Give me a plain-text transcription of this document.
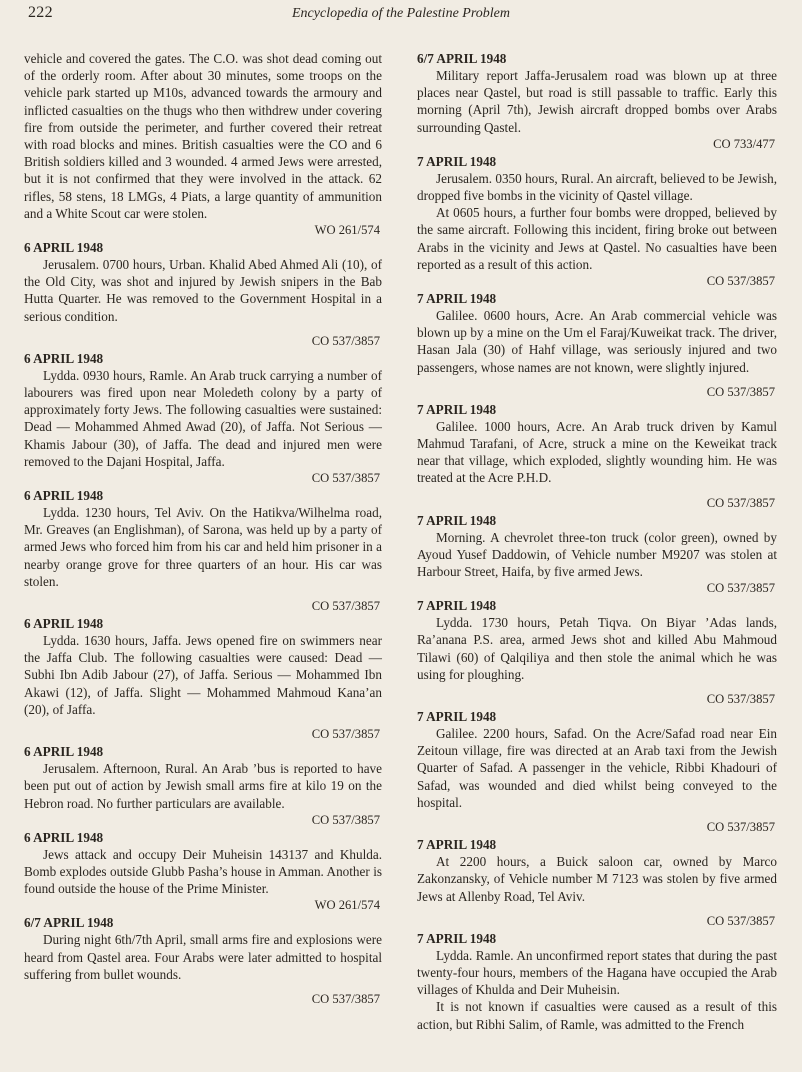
222	Encyclopedia of the Palestine Problem

vehicle and covered the gates. The C.O. was shot dead coming out of the orderly room. After about 30 minutes, some troops on the vehicle park started up M10s, advanced towards the armoury and inflicted casualties on the thugs who then withdrew under covering fire from outside the perimeter, and further covered their retreat with road blocks and mines. British casualties were the CO and 6 British soldiers killed and 3 wounded. 4 armed Jews were arrested, but it is not confirmed that they were involved in the attack. 62 rifles, 58 stens, 18 LMGs, 4 Piats, a large quantity of ammunition and a White Scout car were stolen.

WO 261/574

6 APRIL 1948

Jerusalem. 0700 hours, Urban. Khalid Abed Ahmed Ali (10), of the Old City, was shot and injured by Jewish snipers in the Bab Hutta Quarter. He was removed to the Government Hospital in a serious condition.

CO 537/3857

6 APRIL 1948

Lydda. 0930 hours, Ramle. An Arab truck carrying a number of labourers was fired upon near Moledeth colony by a party of approximately forty Jews. The following casualties were sustained: Dead — Mohammed Ahmed Awad (20), of Jaffa. Not Serious — Khamis Jabour (30), of Jaffa. The dead and injured men were removed to the Dajani Hospital, Jaffa.

CO 537/3857

6 APRIL 1948

Lydda. 1230 hours, Tel Aviv. On the Hatikva/Wilhelma road, Mr. Greaves (an Englishman), of Sarona, was held up by a party of armed Jews who forced him from his car and held him prisoner in a nearby orange grove for three quarters of an hour. His car was stolen.

CO 537/3857

6 APRIL 1948

Lydda. 1630 hours, Jaffa. Jews opened fire on swimmers near the Jaffa Club. The following casualties were caused: Dead — Subhi Ibn Adib Jabour (27), of Jaffa. Serious — Mohammed Ibn Akawi (12), of Jaffa. Slight — Mohammed Mahmoud Kana’an (20), of Jaffa.

CO 537/3857

6 APRIL 1948

Jerusalem. Afternoon, Rural. An Arab ’bus is reported to have been put out of action by Jewish small arms fire at kilo 19 on the Hebron road. No further particulars are available.

CO 537/3857

6 APRIL 1948

Jews attack and occupy Deir Muheisin 143137 and Khulda. Bomb explodes outside Glubb Pasha’s house in Amman. Another is found outside the house of the Prime Minister.

WO 261/574

6/7 APRIL 1948

During night 6th/7th April, small arms fire and explosions were heard from Qastel area. Four Arabs were later admitted to hospital suffering from bullet wounds.

CO 537/3857

6/7 APRIL 1948

Military report Jaffa-Jerusalem road was blown up at three places near Qastel, but road is still passable to traffic. Early this morning (April 7th), Jewish aircraft dropped bombs over Arabs surrounding Qastel.

CO 733/477

7 APRIL 1948

Jerusalem. 0350 hours, Rural. An aircraft, believed to be Jewish, dropped five bombs in the vicinity of Qastel village.

At 0605 hours, a further four bombs were dropped, believed by the same aircraft. Following this incident, firing broke out between Arabs in the vicinity and Jews at Qastel. No casualties have been reported as a result of this action.

CO 537/3857

7 APRIL 1948

Galilee. 0600 hours, Acre. An Arab commercial vehicle was blown up by a mine on the Um el Faraj/Kuweikat track. The driver, Hasan Jala (30) of Hahf village, was seriously injured and two passengers, whose names are not known, were slightly injured.

CO 537/3857

7 APRIL 1948

Galilee. 1000 hours, Acre. An Arab truck driven by Kamul Mahmud Tarafani, of Acre, struck a mine on the Keweikat track near that village, which exploded, slightly wounding him. He was treated at the Acre P.H.D.

CO 537/3857

7 APRIL 1948

Morning. A chevrolet three-ton truck (color green), owned by Ayoud Yusef Daddowin, of Vehicle number M9207 was stolen at Harbour Street, Haifa, by five armed Jews.

CO 537/3857

7 APRIL 1948

Lydda. 1730 hours, Petah Tiqva. On Biyar ’Adas lands, Ra’anana P.S. area, armed Jews shot and killed Abu Mahmoud Tilawi (60) of Qalqiliya and then stole the animal which he was using for ploughing.

CO 537/3857

7 APRIL 1948

Galilee. 2200 hours, Safad. On the Acre/Safad road near Ein Zeitoun village, fire was directed at an Arab taxi from the Jewish Quarter of Safad. A passenger in the vehicle, Ribbi Khadouri of Safad, was wounded and died whilst being conveyed to the hospital.

CO 537/3857

7 APRIL 1948

At 2200 hours, a Buick saloon car, owned by Marco Zakonzansky, of Vehicle number M 7123 was stolen by five armed Jews at Allenby Road, Tel Aviv.

CO 537/3857

7 APRIL 1948

Lydda. Ramle. An unconfirmed report states that during the past twenty-four hours, members of the Hagana have occupied the Arab villages of Khulda and Deir Muheisin.

It is not known if casualties were caused as a result of this action, but Ribhi Salim, of Ramle, was admitted to the French
